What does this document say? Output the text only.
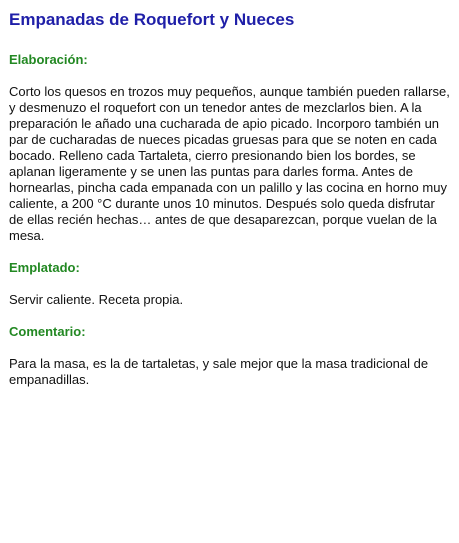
Empanadas de Roquefort y Nueces
Elaboración:

Corto los quesos en trozos muy pequeños, aunque también pueden rallarse, y desmenuzo el roquefort con un tenedor antes de mezclarlos bien. A la preparación le añado una cucharada de apio picado. Incorporo también un par de cucharadas de nueces picadas gruesas para que se noten en cada bocado. Relleno cada Tartaleta, cierro presionando bien los bordes, se aplanan ligeramente y se unen las puntas para darles forma. Antes de hornearlas, pincha cada empanada con un palillo y las cocina en horno muy caliente, a 200 °C durante unos 10 minutos. Después solo queda disfrutar de ellas recién hechas… antes de que desaparezcan, porque vuelan de la mesa.

Emplatado:

Servir caliente. Receta propia.

Comentario:

Para la masa, es la de tartaletas, y sale mejor que la masa tradicional de empanadillas.
